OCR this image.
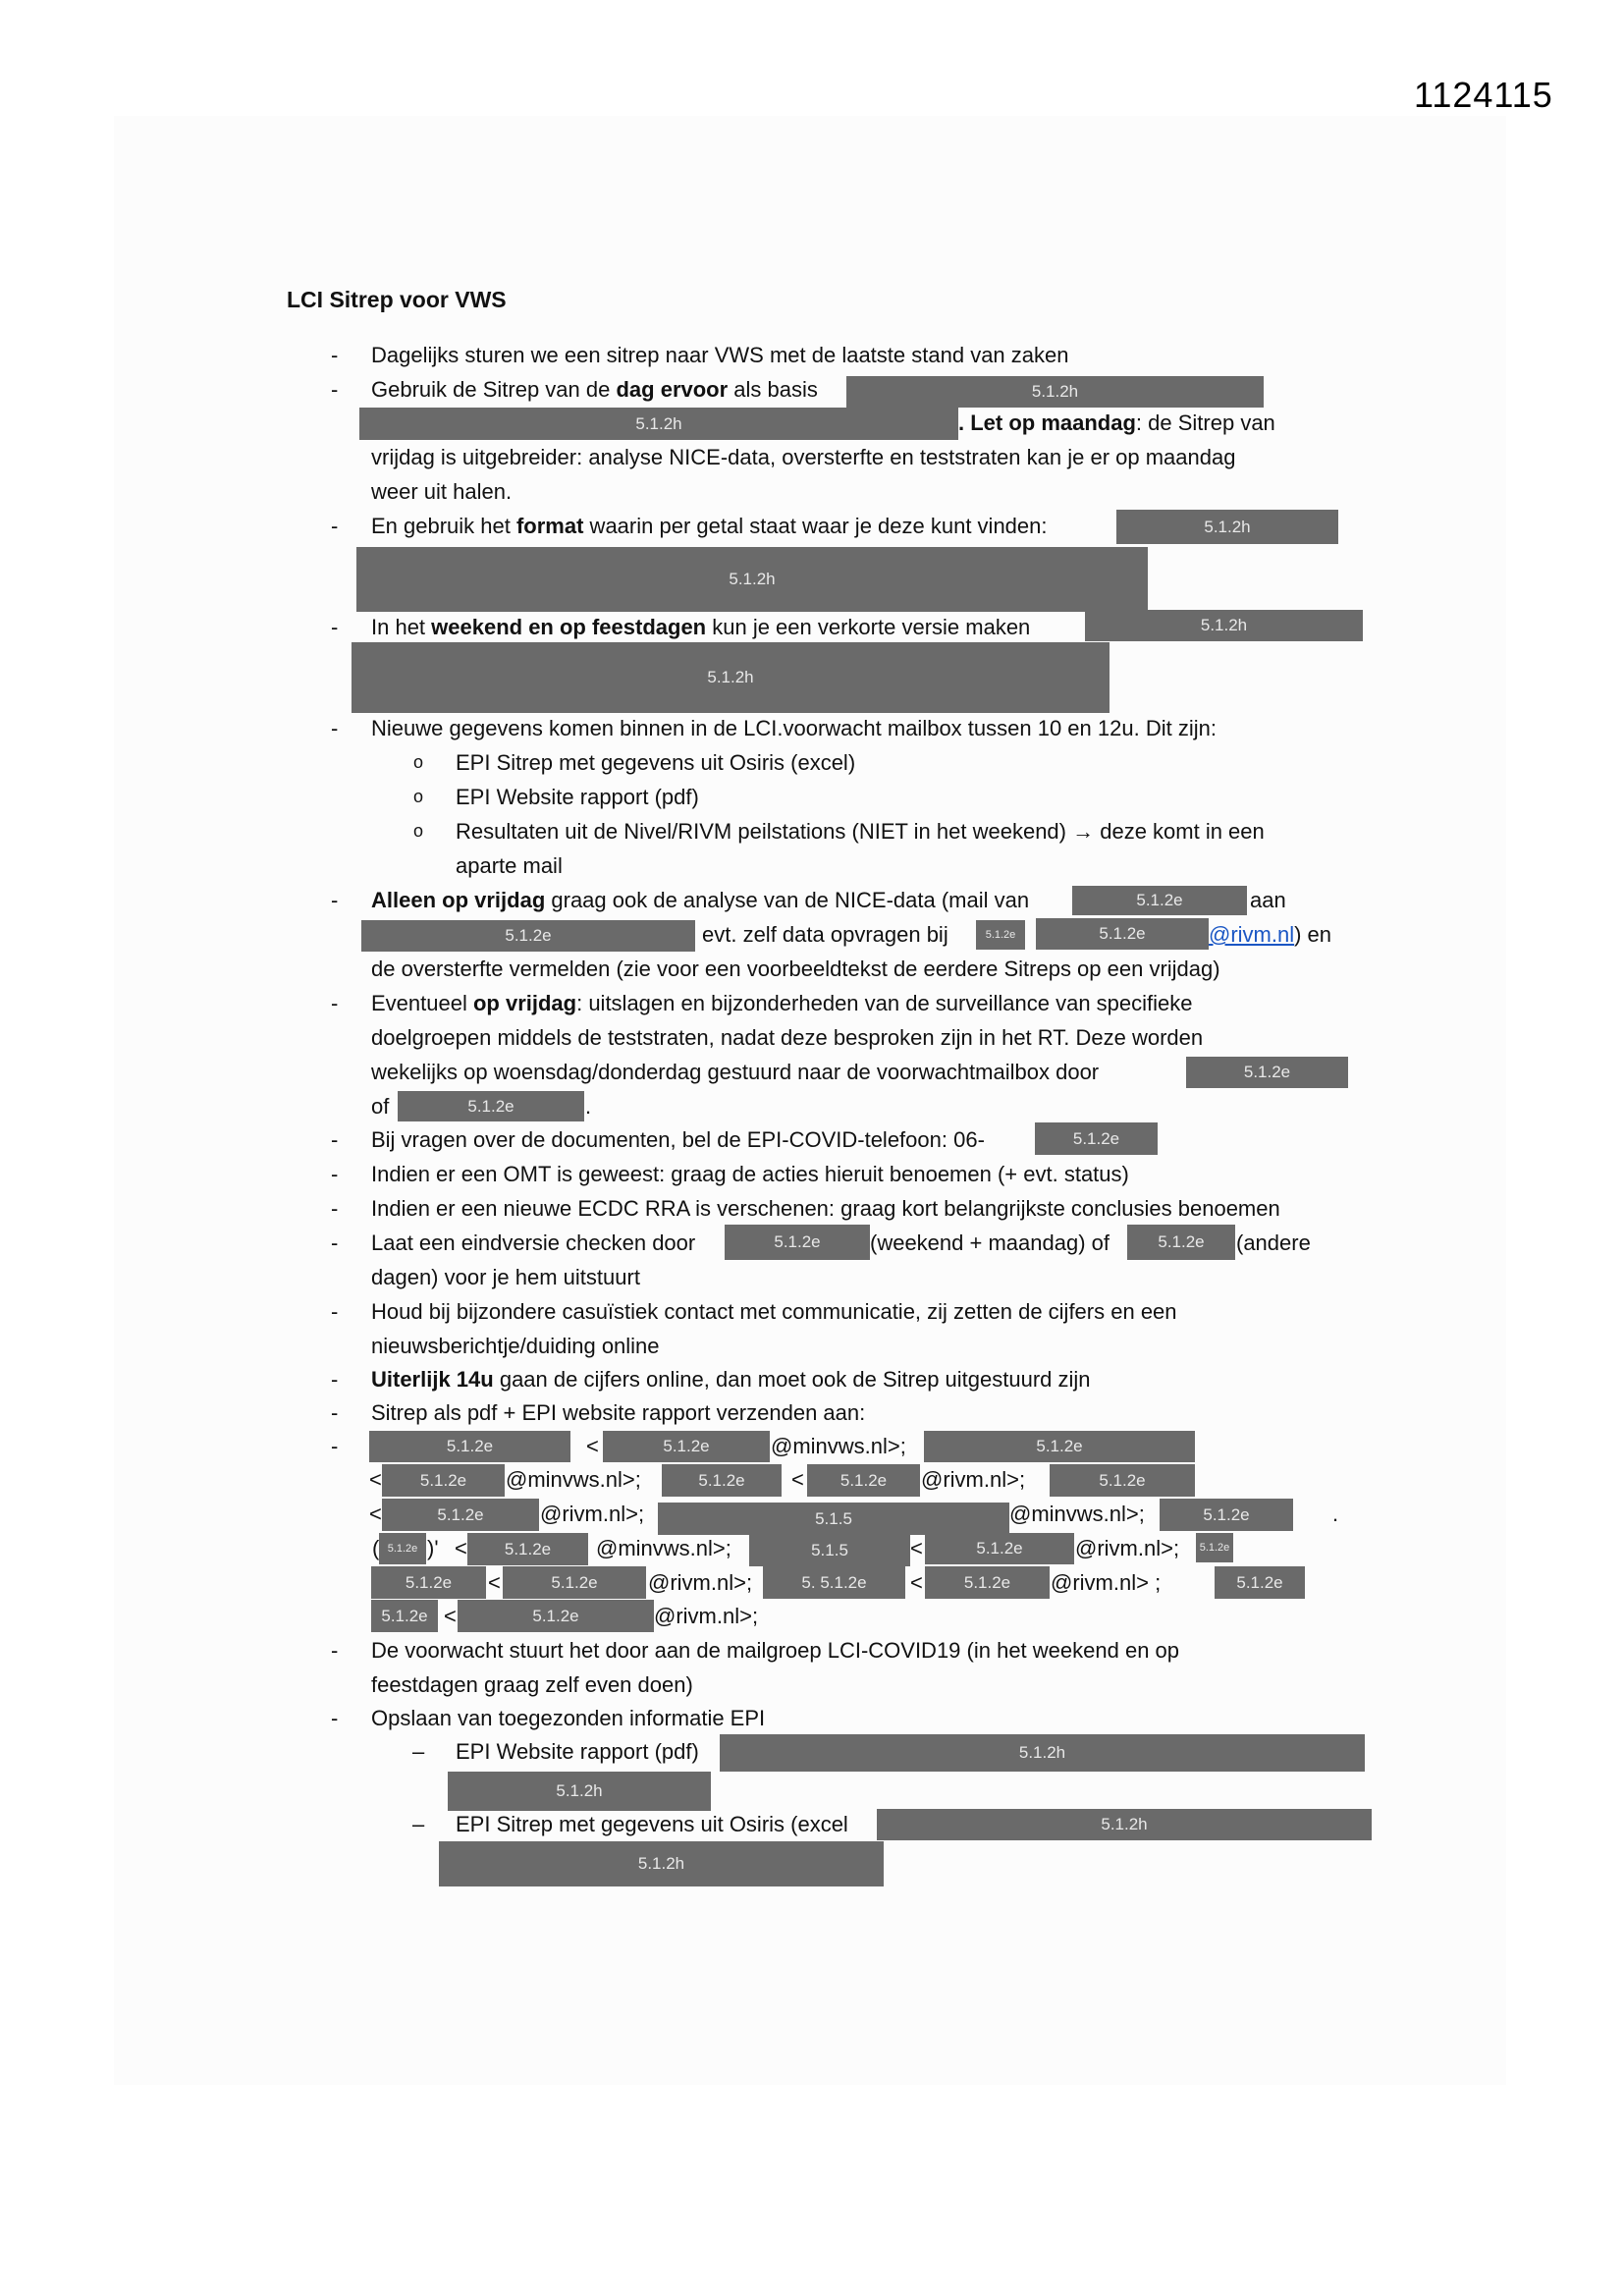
1124115
LCI Sitrep voor VWS
- Dagelijks sturen we een sitrep naar VWS met de laatste stand van zaken
- Gebruik de Sitrep van de dag ervoor als basis	5.1.2h
5.1.2h	. Let op maandag: de Sitrep van
vrijdag is uitgebreider: analyse NICE-data, oversterfte en teststraten kan je er op maandag
weer uit halen.
- En gebruik het format waarin per getal staat waar je deze kunt vinden:	5.1.2h
5.1.2h
- In het weekend en op feestdagen kun je een verkorte versie maken	5.1.2h
5.1.2h
- Nieuwe gegevens komen binnen in de LCI.voorwacht mailbox tussen 10 en 12u. Dit zijn:
o EPI Sitrep met gegevens uit Osiris (excel)
o EPI Website rapport (pdf)
o Resultaten uit de Nivel/RIVM peilstations (NIET in het weekend) → deze komt in een
aparte mail
- Alleen op vrijdag graag ook de analyse van de NICE-data (mail van	5.1.2e	aan
5.1.2e	evt. zelf data opvragen bij	5.1.2e	5.1.2e	@rivm.nl) en
de oversterfte vermelden (zie voor een voorbeeldtekst de eerdere Sitreps op een vrijdag)
- Eventueel op vrijdag: uitslagen en bijzonderheden van de surveillance van specifieke
doelgroepen middels de teststraten, nadat deze besproken zijn in het RT. Deze worden
wekelijks op woensdag/donderdag gestuurd naar de voorwachtmailbox door	5.1.2e
of	5.1.2e	.
- Bij vragen over de documenten, bel de EPI-COVID-telefoon: 06-	5.1.2e
- Indien er een OMT is geweest: graag de acties hieruit benoemen (+ evt. status)
- Indien er een nieuwe ECDC RRA is verschenen: graag kort belangrijkste conclusies benoemen
- Laat een eindversie checken door	5.1.2e	(weekend + maandag) of	5.1.2e	(andere
dagen) voor je hem uitstuurt
- Houd bij bijzondere casuïstiek contact met communicatie, zij zetten de cijfers en een
nieuwsberichtje/duiding online
- Uiterlijk 14u gaan de cijfers online, dan moet ook de Sitrep uitgestuurd zijn
- Sitrep als pdf + EPI website rapport verzenden aan:
-	5.1.2e	<	5.1.2e	@minvws.nl>;	5.1.2e
<	5.1.2e	@minvws.nl>;	5.1.2e	<	5.1.2e	@rivm.nl>;	5.1.2e
<	5.1.2e	@rivm.nl>;	5.1.5	@minvws.nl>;	5.1.2e	.
( 5.1.2e )' <	5.1.2e	@minvws.nl>;	5.1.5	<	5.1.2e	@rivm.nl>;	5.1.2e
5.1.2e	<	5.1.2e	@rivm.nl>;	5.
5.1.2e <	5.1.2e	@rivm.nl> ;	5.1.2e
5.1.2e <	5.1.2e	@rivm.nl>;
- De voorwacht stuurt het door aan de mailgroep LCI-COVID19 (in het weekend en op
feestdagen graag zelf even doen)
- Opslaan van toegezonden informatie EPI
– EPI Website rapport (pdf)	5.1.2h
5.1.2h
– EPI Sitrep met gegevens uit Osiris (excel	5.1.2h
5.1.2h
